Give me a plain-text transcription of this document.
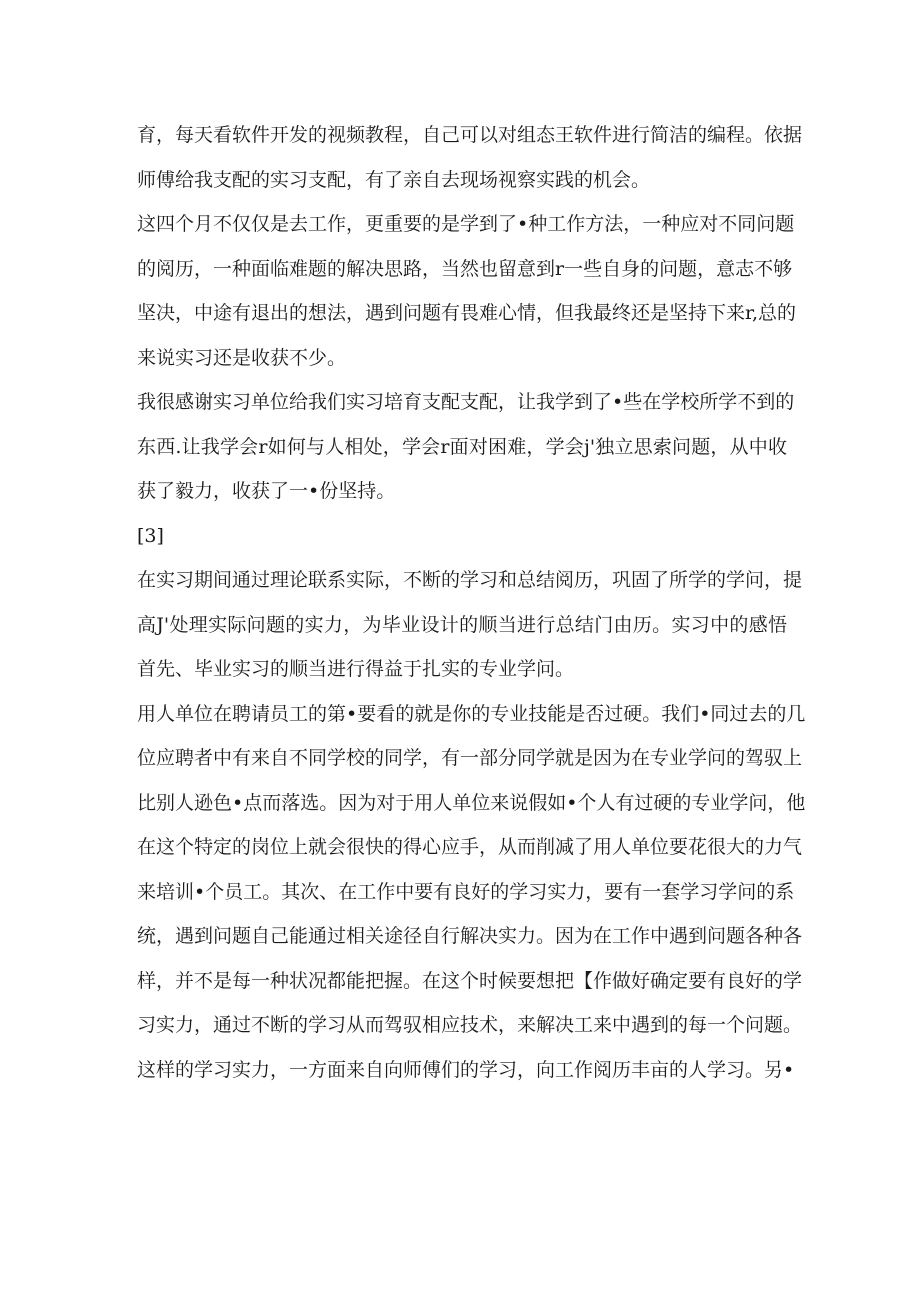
育，每天看软件开发的视频教程，自己可以对组态王软件进行简洁的编程。依据
师傅给我支配的实习支配，有了亲自去现场视察实践的机会。

这四个月不仅仅是去工作，更重要的是学到了•种工作方法，一种应对不同问题
的阅历，一种面临难题的解决思路，当然也留意到r一些自身的问题，意志不够
坚决，中途有退出的想法，遇到问题有畏难心情，但我最终还是坚持下来r,总的
来说实习还是收获不少。

我很感谢实习单位给我们实习培育支配支配，让我学到了•些在学校所学不到的
东西.让我学会r如何与人相处，学会r面对困难，学会j'独立思索问题，从中收
获了毅力，收获了一•份坚持。

[3]

在实习期间通过理论联系实际，不断的学习和总结阅历，巩固了所学的学问，提
高J'处理实际问题的实力，为毕业设计的顺当进行总结门由历。实习中的感悟
首先、毕业实习的顺当进行得益于扎实的专业学问。

用人单位在聘请员工的第•要看的就是你的专业技能是否过硬。我们•同过去的几
位应聘者中有来自不同学校的同学，有一部分同学就是因为在专业学问的驾驭上
比别人逊色•点而落选。因为对于用人单位来说假如•个人有过硬的专业学问，他
在这个特定的岗位上就会很快的得心应手，从而削减了用人单位要花很大的力气
来培训•个员工。其次、在工作中要有良好的学习实力，要有一套学习学问的系
统，遇到问题自己能通过相关途径自行解决实力。因为在工作中遇到问题各种各
样，并不是每一种状况都能把握。在这个时候要想把【作做好确定要有良好的学
习实力，通过不断的学习从而驾驭相应技术，来解决工来中遇到的每一个问题。
这样的学习实力，一方面来自向师傅们的学习，向工作阅历丰亩的人学习。另•
